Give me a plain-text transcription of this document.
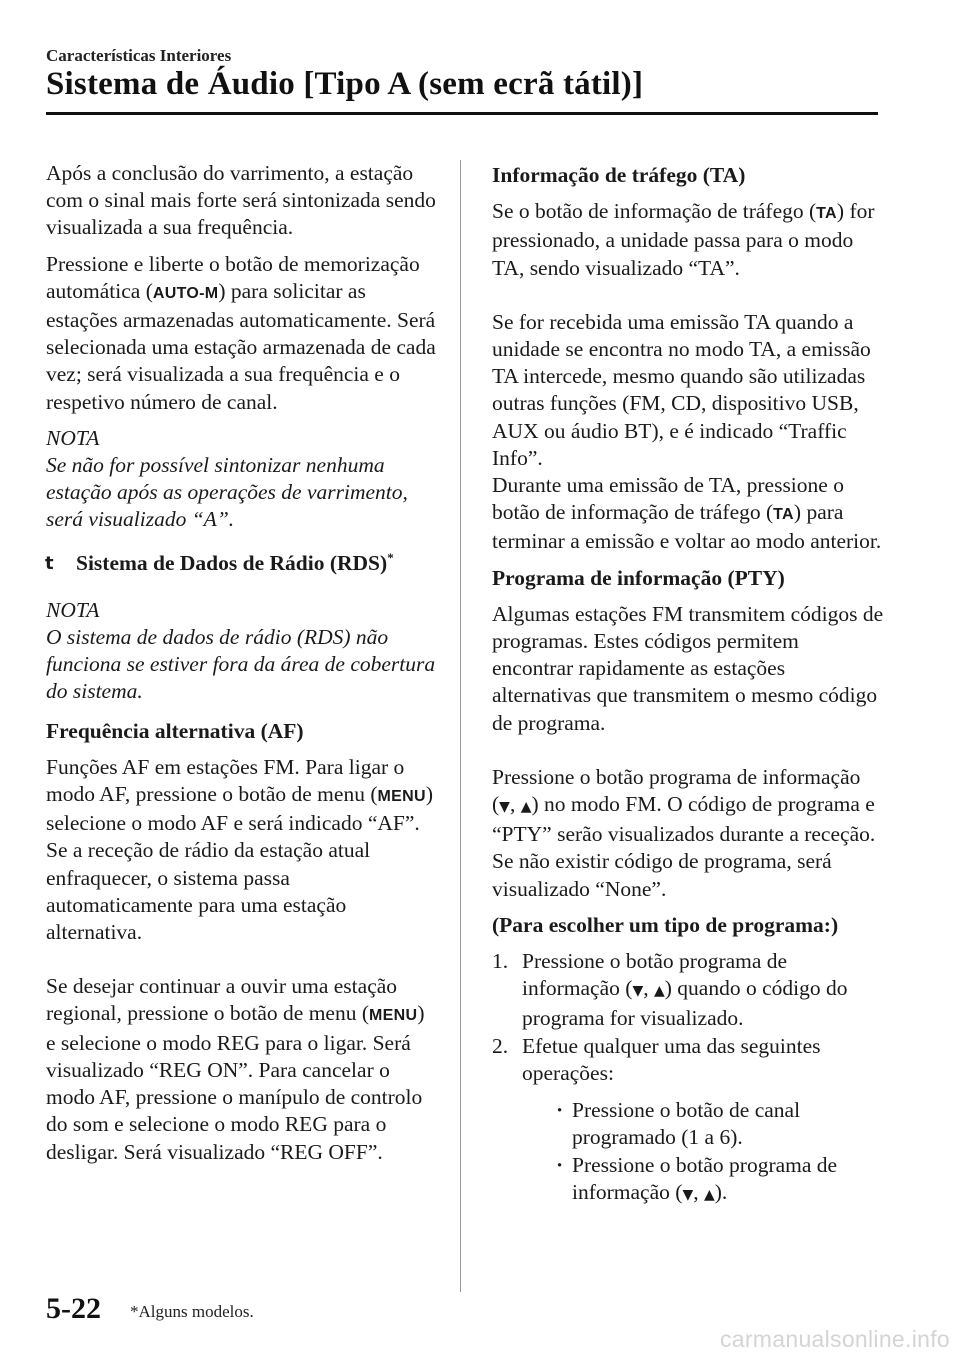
Características Interiores
Sistema de Áudio [Tipo A (sem ecrã tátil)]

Após a conclusão do varrimento, a estação com o sinal mais forte será sintonizada sendo visualizada a sua frequência.

Pressione e liberte o botão de memorização automática (AUTO-M) para solicitar as estações armazenadas automaticamente. Será selecionada uma estação armazenada de cada vez; será visualizada a sua frequência e o respetivo número de canal.

NOTA

Se não for possível sintonizar nenhuma estação após as operações de varrimento, será visualizado “A”.

t Sistema de Dados de Rádio (RDS)*

NOTA

O sistema de dados de rádio (RDS) não funciona se estiver fora da área de cobertura do sistema.

Frequência alternativa (AF)

Funções AF em estações FM. Para ligar o modo AF, pressione o botão de menu (MENU) selecione o modo AF e será indicado “AF”. Se a receção de rádio da estação atual enfraquecer, o sistema passa automaticamente para uma estação alternativa.

Se desejar continuar a ouvir uma estação regional, pressione o botão de menu (MENU) e selecione o modo REG para o ligar. Será visualizado “REG ON”. Para cancelar o modo AF, pressione o manípulo de controlo do som e selecione o modo REG para o desligar. Será visualizado “REG OFF”.

Informação de tráfego (TA)

Se o botão de informação de tráfego (TA) for pressionado, a unidade passa para o modo TA, sendo visualizado “TA”.

Se for recebida uma emissão TA quando a unidade se encontra no modo TA, a emissão TA intercede, mesmo quando são utilizadas outras funções (FM, CD, dispositivo USB, AUX ou áudio BT), e é indicado “Traffic Info”.

Durante uma emissão de TA, pressione o botão de informação de tráfego (TA) para terminar a emissão e voltar ao modo anterior.

Programa de informação (PTY)

Algumas estações FM transmitem códigos de programas. Estes códigos permitem encontrar rapidamente as estações alternativas que transmitem o mesmo código de programa.

Pressione o botão programa de informação (▼, ▲) no modo FM. O código de programa e “PTY” serão visualizados durante a receção. Se não existir código de programa, será visualizado “None”.

(Para escolher um tipo de programa:)

1. Pressione o botão programa de informação (▼, ▲) quando o código do programa for visualizado.
2. Efetue qualquer uma das seguintes operações:
· Pressione o botão de canal programado (1 a 6).
· Pressione o botão programa de informação (▼, ▲).
5-22 *Alguns modelos.
carmanualsonline.info
